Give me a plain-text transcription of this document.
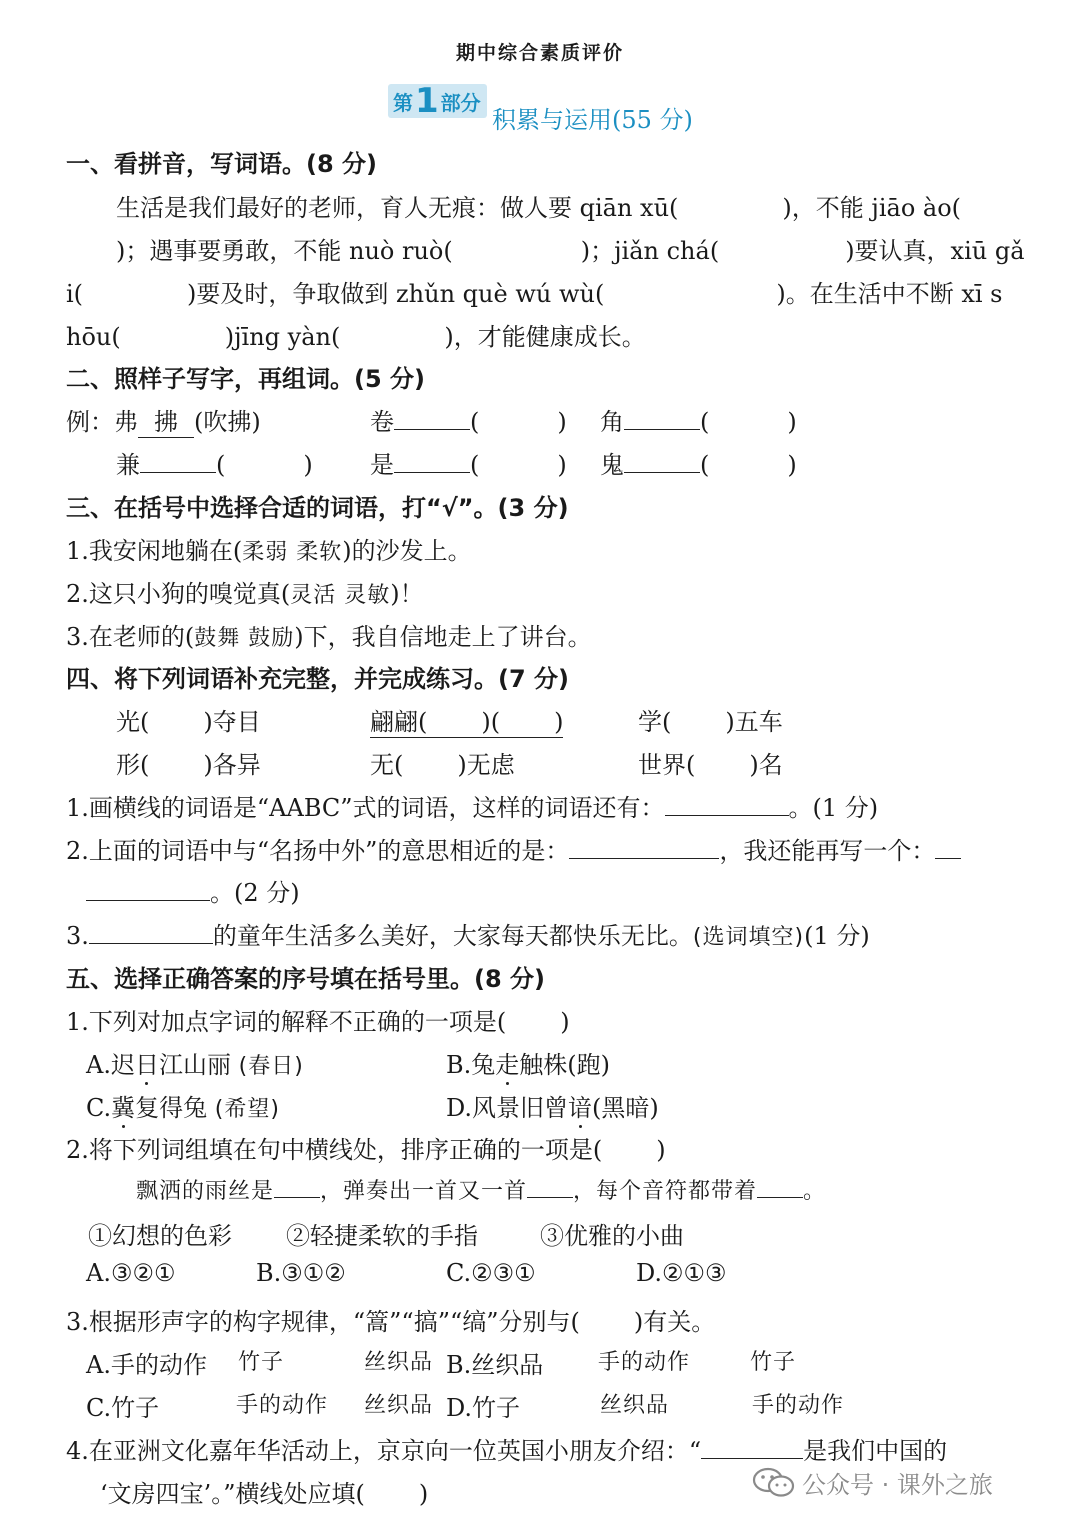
期中综合素质评价
第 1 部分
积累与运用(55 分)
一、看拼音，写词语。(8 分)
生活是我们最好的老师，育人无痕：做人要 qiān xū(	)，不能 jiāo ào(
)；遇事要勇敢，不能 nuò ruò(	)；jiǎn chá(	)要认真，xiū gǎ
i(	)要及时，争取做到 zhǔn què wú wù(	)。在生活中不断 xī s
hōu(	)jīng yàn(	)，才能健康成长。
二、照样子写字，再组词。(5 分)
例：弗 拂 (吹拂)	卷	(	) 角	(	)
兼	(	) 是	(	) 鬼	(	)
三、在括号中选择合适的词语，打“√”。(3 分)
1.我安闲地躺在(柔弱 柔软)的沙发上。
2.这只小狗的嗅觉真(灵活 灵敏)！
3.在老师的(鼓舞 鼓励)下，我自信地走上了讲台。
四、将下列词语补充完整，并完成练习。(7 分)
光( )夺目	翩翩( )( )	学( )五车
形( )各异	无( )无虑	世界( )名
1.画横线的词语是“AABC”式的词语，这样的词语还有：	。(1 分)
2.上面的词语中与“名扬中外”的意思相近的是：	，我还能再写一个：
。(2 分)
3.	的童年生活多么美好，大家每天都快乐无比。(选词填空)(1 分)
五、选择正确答案的序号填在括号里。(8 分)
1.下列对加点字词的解释不正确的一项是( )
A.迟日江山丽 (春日)	B.兔走触株(跑)
C.冀复得兔 (希望)	D.风景旧曾谙(黑暗)
2.将下列词组填在句中横线处，排序正确的一项是( )
飘洒的雨丝是 ，弹奏出一首又一首 ，每个音符都带着 。
①幻想的色彩 ②轻捷柔软的手指	③优雅的小曲
A.③②①	B.③①②	C.②③①	D.②①③
3.根据形声字的构字规律，“篙”“搞”“缟”分别与( )有关。
A.手的动作 竹子	丝织品 B.丝织品 手的动作	竹子
C.竹子	手的动作 丝织品 D.竹子	丝织品	手的动作
4.在亚洲文化嘉年华活动上，京京向一位英国小朋友介绍：“	是我们中国的
‘文房四宝’。”横线处应填( )	公众号 · 课外之旅
